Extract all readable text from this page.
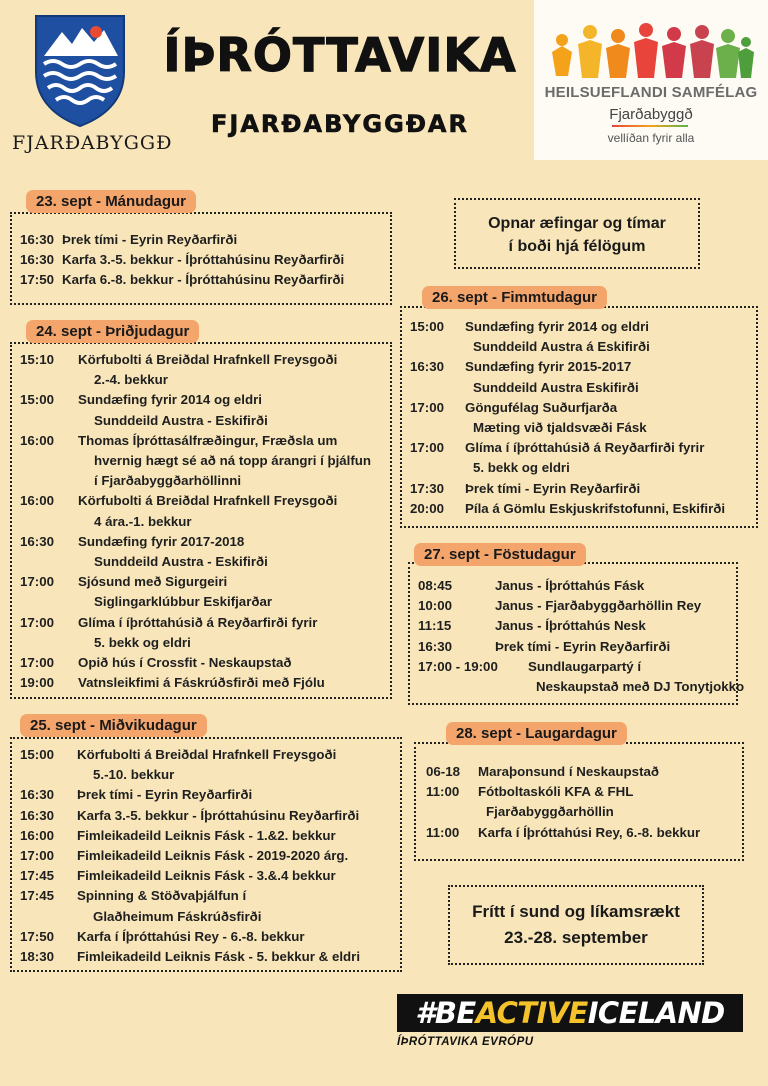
FJARÐABYGGÐ
ÍÞRÓTTAVIKA
FJARÐABYGGÐAR
HEILSUEFLANDI SAMFÉLAG
Fjarðabyggð
vellíðan fyrir alla
23. sept - Mánudagur
16:30 Þrek tími - Eyrin Reyðarfirði
16:30 Karfa 3.-5. bekkur - Íþróttahúsinu Reyðarfirði
17:50 Karfa 6.-8. bekkur - Íþróttahúsinu Reyðarfirði
24. sept - Þriðjudagur
15:10	Körfubolti á Breiðdal Hrafnkell Freysgoði
2.-4. bekkur
15:00	Sundæfing fyrir 2014 og eldri
Sunddeild Austra - Eskifirði
16:00	Thomas Íþróttasálfræðingur, Fræðsla um
hvernig hægt sé að ná topp árangri í þjálfun
í Fjarðabyggðarhöllinni
16:00	Körfubolti á Breiðdal Hrafnkell Freysgoði
4 ára.-1. bekkur
16:30	Sundæfing fyrir 2017-2018
Sunddeild Austra - Eskifirði
17:00	Sjósund með Sigurgeiri
Siglingarklúbbur Eskifjarðar
17:00	Glíma í íþróttahúsið á Reyðarfirði fyrir
5. bekk og eldri
17:00	Opið hús í Crossfit - Neskaupstað
19:00	Vatnsleikfimi á Fáskrúðsfirði með Fjólu
25. sept - Miðvikudagur
15:00	Körfubolti á Breiðdal Hrafnkell Freysgoði
5.-10. bekkur
16:30	Þrek tími - Eyrin Reyðarfirði
16:30	Karfa 3.-5. bekkur - Íþróttahúsinu Reyðarfirði
16:00	Fimleikadeild Leiknis Fásk - 1.&2. bekkur
17:00	Fimleikadeild Leiknis Fásk - 2019-2020 árg.
17:45	Fimleikadeild Leiknis Fásk - 3.&.4 bekkur
17:45	Spinning & Stöðvaþjálfun í
Glaðheimum Fáskrúðsfirði
17:50	Karfa í Íþróttahúsi Rey - 6.-8. bekkur
18:30	Fimleikadeild Leiknis Fásk - 5. bekkur & eldri
Opnar æfingar og tímar
í boði hjá félögum
26. sept - Fimmtudagur
15:00	Sundæfing fyrir 2014 og eldri
Sunddeild Austra á Eskifirði
16:30	Sundæfing fyrir 2015-2017
Sunddeild Austra Eskifirði
17:00	Göngufélag Suðurfjarða
Mæting við tjaldsvæði Fásk
17:00	Glíma í íþróttahúsið á Reyðarfirði fyrir
5. bekk og eldri
17:30	Þrek tími - Eyrin Reyðarfirði
20:00	Píla á Gömlu Eskjuskrifstofunni, Eskifirði
27. sept - Föstudagur
08:45	Janus - Íþróttahús Fásk
10:00	Janus - Fjarðabyggðarhöllin Rey
11:15	Janus - Íþróttahús Nesk
16:30	Þrek tími - Eyrin Reyðarfirði
17:00 - 19:00	Sundlaugarpartý í
Neskaupstað með DJ Tonytjokko
28. sept - Laugardagur
06-18	Maraþonsund í Neskaupstað
11:00	Fótboltaskóli KFA & FHL
Fjarðabyggðarhöllin
11:00	Karfa í Íþróttahúsi Rey, 6.-8. bekkur
Frítt í sund og líkamsrækt
23.-28. september
#BEACTIVEICELAND
ÍÞRÓTTAVIKA EVRÓPU
